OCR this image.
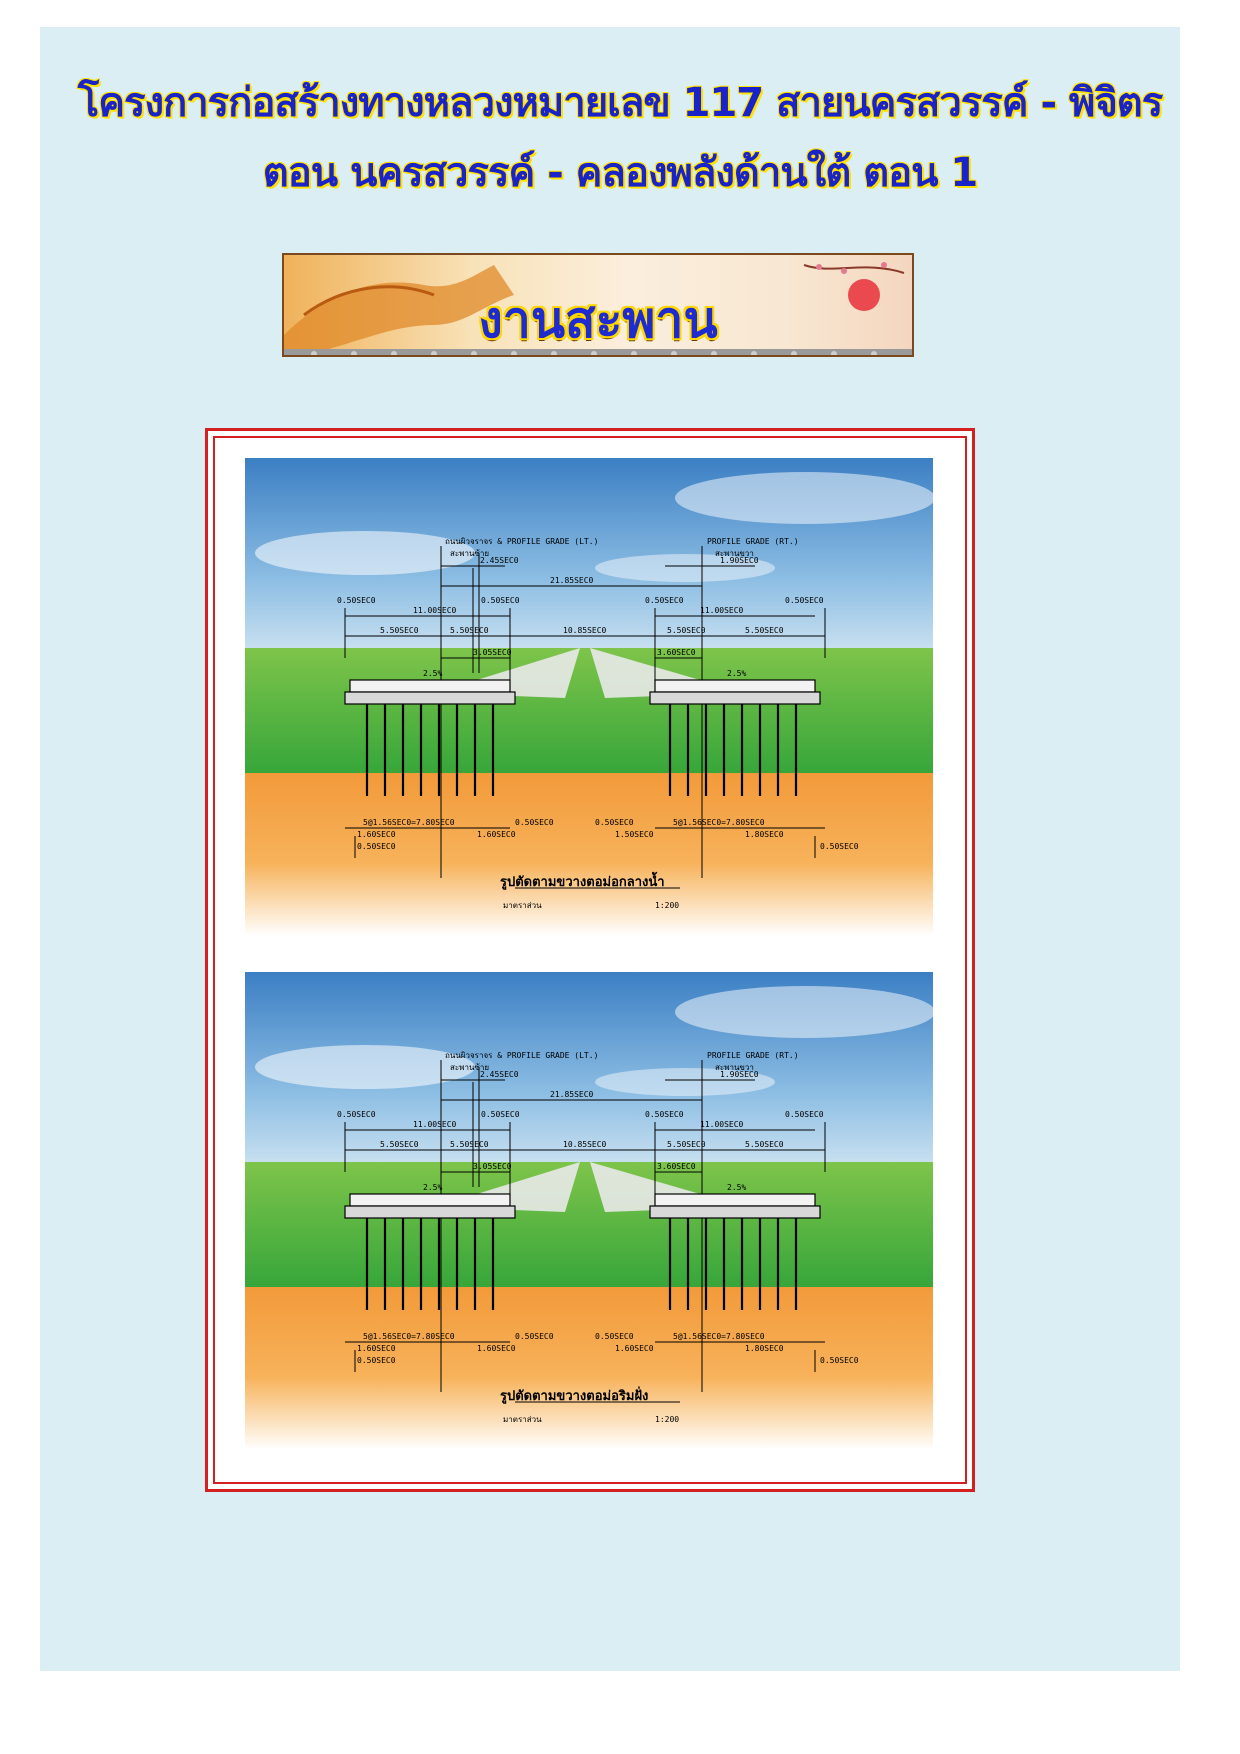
โครงการก่อสร้างทางหลวงหมายเลข 117 สายนครสวรรค์ - พิจิตร
ตอน นครสวรรค์ - คลองพลังด้านใต้ ตอน 1
งานสะพาน
ถนนผิวจราจร & PROFILE GRADE (LT.)	PROFILE GRADE (RT.)
สะพานซ้าย	สะพานขวา
2.45SEC0	1.90SEC0
21.85SEC0
0.50SEC0	0.50SEC0	0.50SEC0	0.50SEC0
11.00SEC0	11.00SEC0
5.50SEC0	5.50SEC0	10.85SEC0	5.50SEC0	5.50SEC0
3.05SEC0	3.60SEC0
2.5%	2.5%
5@1.56SEC0=7.80SEC0	0.50SEC0
1.60SEC0	1.60SEC0
0.50SEC0
0.50SEC0	5@1.56SEC0=7.80SEC0
1.50SEC0	1.80SEC0
0.50SEC0
รูปตัดตามขวางตอม่อกลางน้ำ
มาตราส่วน	1:200
ถนนผิวจราจร & PROFILE GRADE (LT.)	PROFILE GRADE (RT.)
สะพานซ้าย	สะพานขวา
2.45SEC0	1.90SEC0
21.85SEC0
0.50SEC0	0.50SEC0	0.50SEC0	0.50SEC0
11.00SEC0	11.00SEC0
5.50SEC0	5.50SEC0	10.85SEC0	5.50SEC0	5.50SEC0
3.05SEC0	3.60SEC0
2.5%	2.5%
5@1.56SEC0=7.80SEC0	0.50SEC0
1.60SEC0	1.60SEC0
0.50SEC0
0.50SEC0	5@1.56SEC0=7.80SEC0
1.60SEC0	1.80SEC0
0.50SEC0
รูปตัดตามขวางตอม่อริมฝั่ง
มาตราส่วน	1:200
